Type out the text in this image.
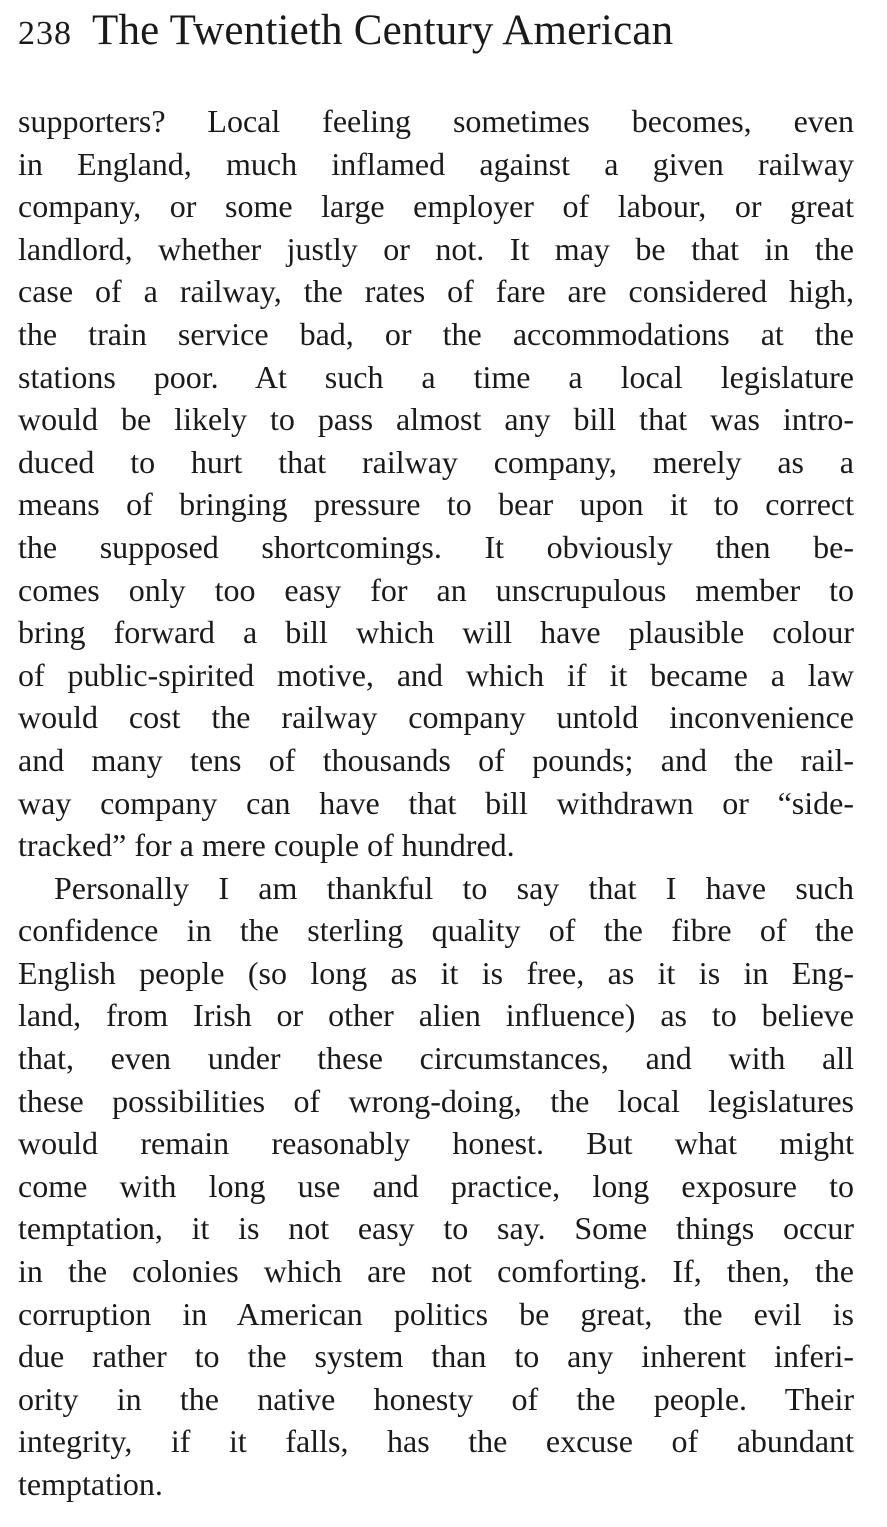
238 The Twentieth Century American
supporters? Local feeling sometimes becomes, even
in England, much inflamed against a given railway
company, or some large employer of labour, or great
landlord, whether justly or not. It may be that in the
case of a railway, the rates of fare are considered high,
the train service bad, or the accommodations at the
stations poor. At such a time a local legislature
would be likely to pass almost any bill that was intro-
duced to hurt that railway company, merely as a
means of bringing pressure to bear upon it to correct
the supposed shortcomings. It obviously then be-
comes only too easy for an unscrupulous member to
bring forward a bill which will have plausible colour
of public-spirited motive, and which if it became a law
would cost the railway company untold inconvenience
and many tens of thousands of pounds; and the rail-
way company can have that bill withdrawn or “side-
tracked” for a mere couple of hundred.
Personally I am thankful to say that I have such
confidence in the sterling quality of the fibre of the
English people (so long as it is free, as it is in Eng-
land, from Irish or other alien influence) as to believe
that, even under these circumstances, and with all
these possibilities of wrong-doing, the local legislatures
would remain reasonably honest. But what might
come with long use and practice, long exposure to
temptation, it is not easy to say. Some things occur
in the colonies which are not comforting. If, then, the
corruption in American politics be great, the evil is
due rather to the system than to any inherent inferi-
ority in the native honesty of the people. Their
integrity, if it falls, has the excuse of abundant
temptation.
